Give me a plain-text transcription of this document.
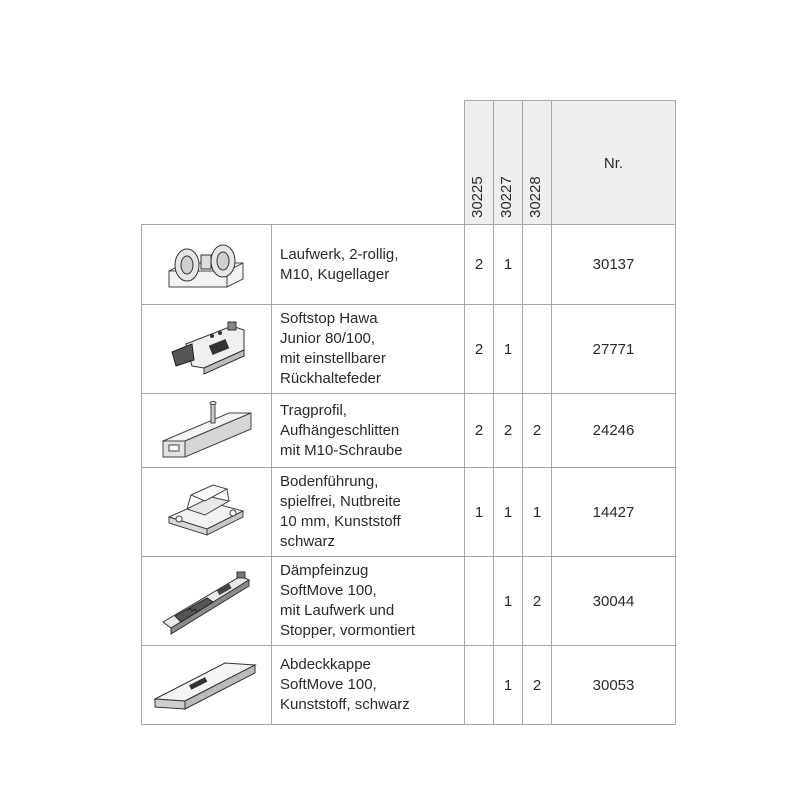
		30225	30227	30228	Nr.

Laufwerk, 2-rollig,
M10, Kugellager	2	1		30137

Softstop Hawa
Junior 80/100,
mit einstellbarer
Rückhaltefeder	2	1		27771

Tragprofil,
Aufhängeschlitten
mit M10-Schraube	2	2	2	24246

Bodenführung,
spielfrei, Nutbreite
10 mm, Kunststoff
schwarz	1	1	1	14427

Dämpfeinzug
SoftMove 100,
mit Laufwerk und
Stopper, vormontiert		1	2	30044

Abdeckkappe
SoftMove 100,
Kunststoff, schwarz		1	2	30053
